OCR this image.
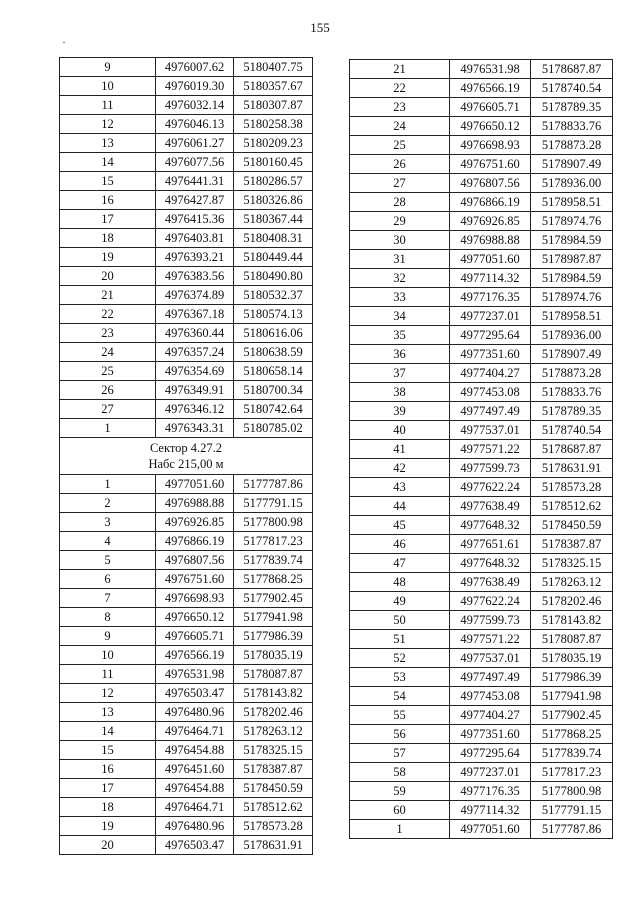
155
9	4976007.62	5180407.75
10	4976019.30	5180357.67
11	4976032.14	5180307.87
12	4976046.13	5180258.38
13	4976061.27	5180209.23
14	4976077.56	5180160.45
15	4976441.31	5180286.57
16	4976427.87	5180326.86
17	4976415.36	5180367.44
18	4976403.81	5180408.31
19	4976393.21	5180449.44
20	4976383.56	5180490.80
21	4976374.89	5180532.37
22	4976367.18	5180574.13
23	4976360.44	5180616.06
24	4976357.24	5180638.59
25	4976354.69	5180658.14
26	4976349.91	5180700.34
27	4976346.12	5180742.64
1	4976343.31	5180785.02

Сектор 4.27.2
Набс 215,00 м		

1	4977051.60	5177787.86
2	4976988.88	5177791.15
3	4976926.85	5177800.98
4	4976866.19	5177817.23
5	4976807.56	5177839.74
6	4976751.60	5177868.25
7	4976698.93	5177902.45
8	4976650.12	5177941.98
9	4976605.71	5177986.39
10	4976566.19	5178035.19
11	4976531.98	5178087.87
12	4976503.47	5178143.82
13	4976480.96	5178202.46
14	4976464.71	5178263.12
15	4976454.88	5178325.15
16	4976451.60	5178387.87
17	4976454.88	5178450.59
18	4976464.71	5178512.62
19	4976480.96	5178573.28
20	4976503.47	5178631.91
21	4976531.98	5178687.87
22	4976566.19	5178740.54
23	4976605.71	5178789.35
24	4976650.12	5178833.76
25	4976698.93	5178873.28
26	4976751.60	5178907.49
27	4976807.56	5178936.00
28	4976866.19	5178958.51
29	4976926.85	5178974.76
30	4976988.88	5178984.59
31	4977051.60	5178987.87
32	4977114.32	5178984.59
33	4977176.35	5178974.76
34	4977237.01	5178958.51
35	4977295.64	5178936.00
36	4977351.60	5178907.49
37	4977404.27	5178873.28
38	4977453.08	5178833.76
39	4977497.49	5178789.35
40	4977537.01	5178740.54
41	4977571.22	5178687.87
42	4977599.73	5178631.91
43	4977622.24	5178573.28
44	4977638.49	5178512.62
45	4977648.32	5178450.59
46	4977651.61	5178387.87
47	4977648.32	5178325.15
48	4977638.49	5178263.12
49	4977622.24	5178202.46
50	4977599.73	5178143.82
51	4977571.22	5178087.87
52	4977537.01	5178035.19
53	4977497.49	5177986.39
54	4977453.08	5177941.98
55	4977404.27	5177902.45
56	4977351.60	5177868.25
57	4977295.64	5177839.74
58	4977237.01	5177817.23
59	4977176.35	5177800.98
60	4977114.32	5177791.15
1	4977051.60	5177787.86
